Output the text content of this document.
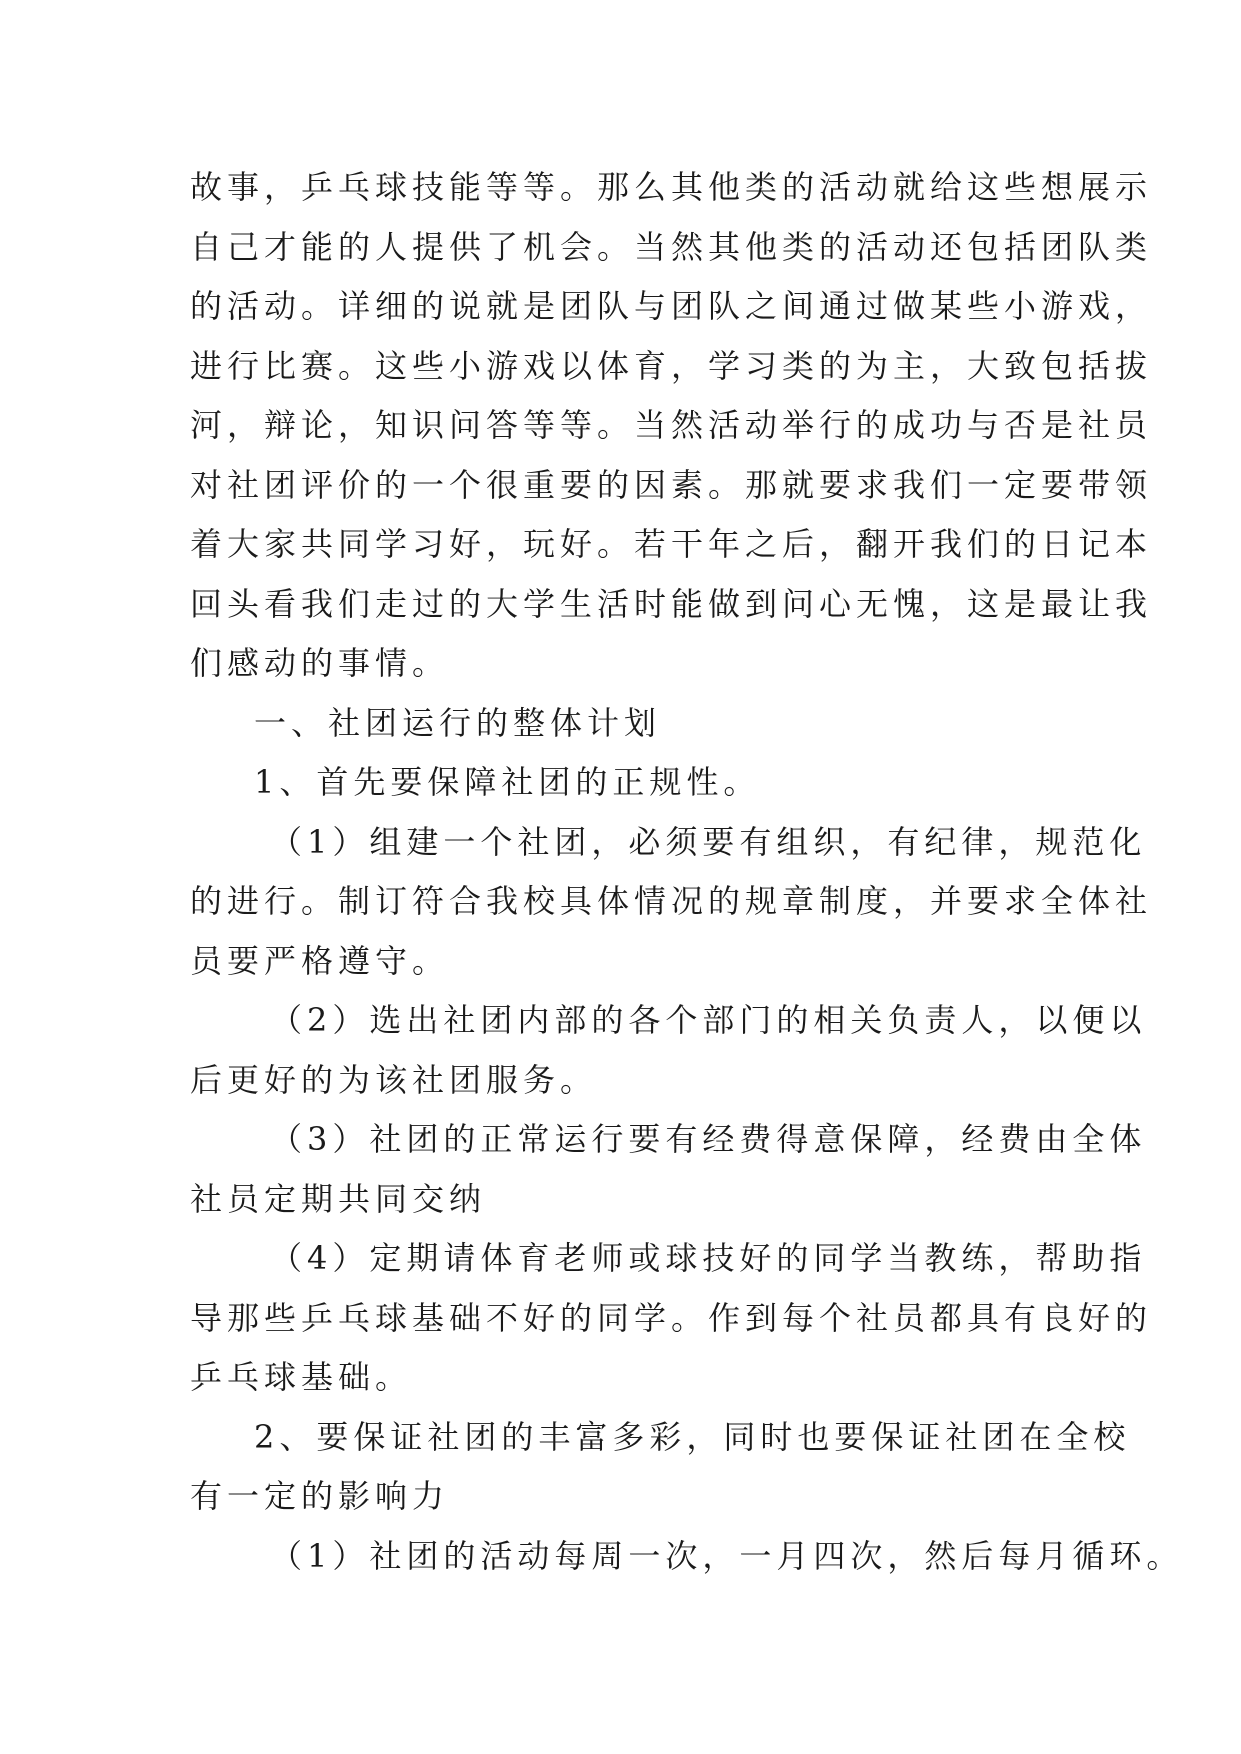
故事，乒乓球技能等等。那么其他类的活动就给这些想展示
自己才能的人提供了机会。当然其他类的活动还包括团队类
的活动。详细的说就是团队与团队之间通过做某些小游戏，
进行比赛。这些小游戏以体育，学习类的为主，大致包括拔
河，辩论，知识问答等等。当然活动举行的成功与否是社员
对社团评价的一个很重要的因素。那就要求我们一定要带领
着大家共同学习好，玩好。若干年之后，翻开我们的日记本
回头看我们走过的大学生活时能做到问心无愧，这是最让我
们感动的事情。
一、社团运行的整体计划
1、首先要保障社团的正规性。
（1）组建一个社团，必须要有组织，有纪律，规范化
的进行。制订符合我校具体情况的规章制度，并要求全体社
员要严格遵守。
（2）选出社团内部的各个部门的相关负责人，以便以
后更好的为该社团服务。
（3）社团的正常运行要有经费得意保障，经费由全体
社员定期共同交纳
（4）定期请体育老师或球技好的同学当教练，帮助指
导那些乒乓球基础不好的同学。作到每个社员都具有良好的
乒乓球基础。
2、要保证社团的丰富多彩，同时也要保证社团在全校
有一定的影响力
（1）社团的活动每周一次，一月四次，然后每月循环。
